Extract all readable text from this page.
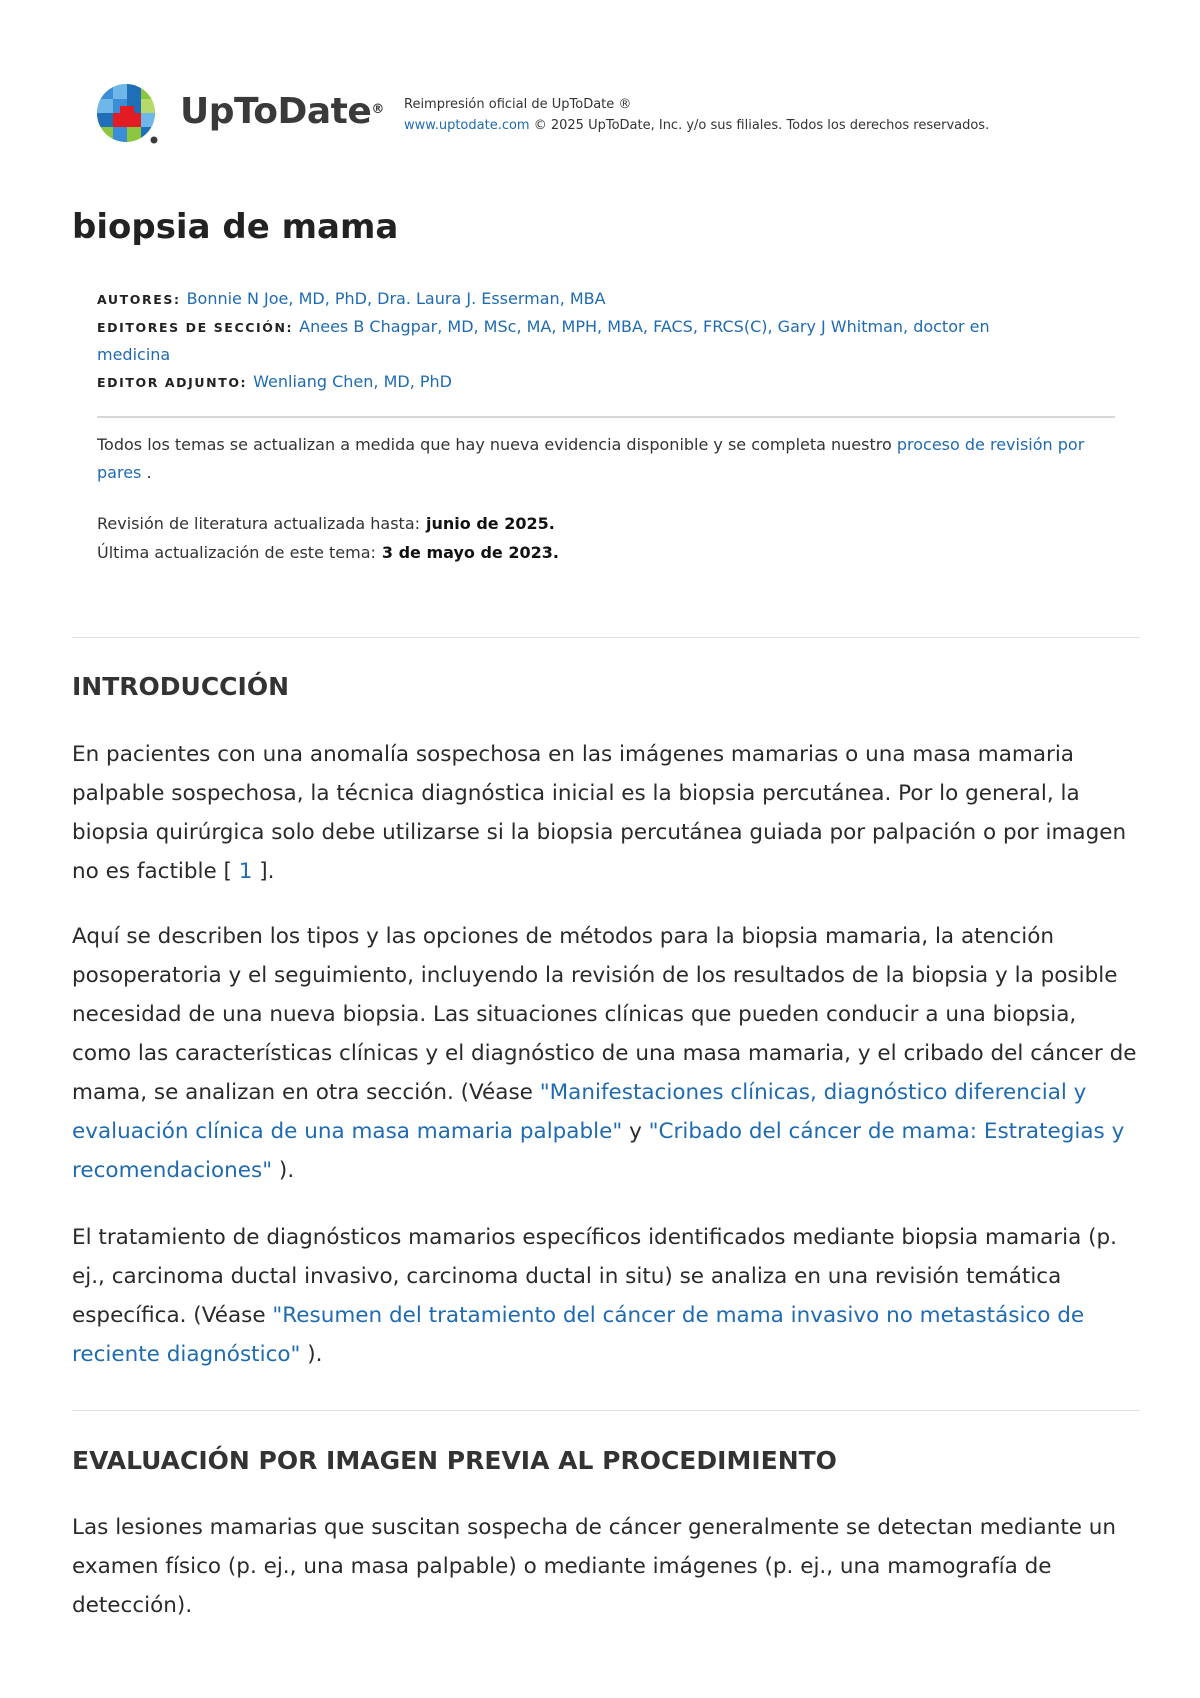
UpToDate® Reimpresión oficial de UpToDate ®
www.uptodate.com © 2025 UpToDate, Inc. y/o sus filiales. Todos los derechos reservados.
biopsia de mama
AUTORES: Bonnie N Joe, MD, PhD, Dra. Laura J. Esserman, MBA
EDITORES DE SECCIÓN: Anees B Chagpar, MD, MSc, MA, MPH, MBA, FACS, FRCS(C), Gary J Whitman, doctor en medicina
EDITOR ADJUNTO: Wenliang Chen, MD, PhD
Todos los temas se actualizan a medida que hay nueva evidencia disponible y se completa nuestro proceso de revisión por pares .
Revisión de literatura actualizada hasta: junio de 2025.
Última actualización de este tema: 3 de mayo de 2023.
INTRODUCCIÓN

En pacientes con una anomalía sospechosa en las imágenes mamarias o una masa mamaria palpable sospechosa, la técnica diagnóstica inicial es la biopsia percutánea. Por lo general, la biopsia quirúrgica solo debe utilizarse si la biopsia percutánea guiada por palpación o por imagen no es factible [ 1 ].

Aquí se describen los tipos y las opciones de métodos para la biopsia mamaria, la atención posoperatoria y el seguimiento, incluyendo la revisión de los resultados de la biopsia y la posible necesidad de una nueva biopsia. Las situaciones clínicas que pueden conducir a una biopsia, como las características clínicas y el diagnóstico de una masa mamaria, y el cribado del cáncer de mama, se analizan en otra sección. (Véase "Manifestaciones clínicas, diagnóstico diferencial y evaluación clínica de una masa mamaria palpable" y "Cribado del cáncer de mama: Estrategias y recomendaciones" ).

El tratamiento de diagnósticos mamarios específicos identificados mediante biopsia mamaria (p. ej., carcinoma ductal invasivo, carcinoma ductal in situ) se analiza en una revisión temática específica. (Véase "Resumen del tratamiento del cáncer de mama invasivo no metastásico de reciente diagnóstico" ).

EVALUACIÓN POR IMAGEN PREVIA AL PROCEDIMIENTO

Las lesiones mamarias que suscitan sospecha de cáncer generalmente se detectan mediante un examen físico (p. ej., una masa palpable) o mediante imágenes (p. ej., una mamografía de detección).
